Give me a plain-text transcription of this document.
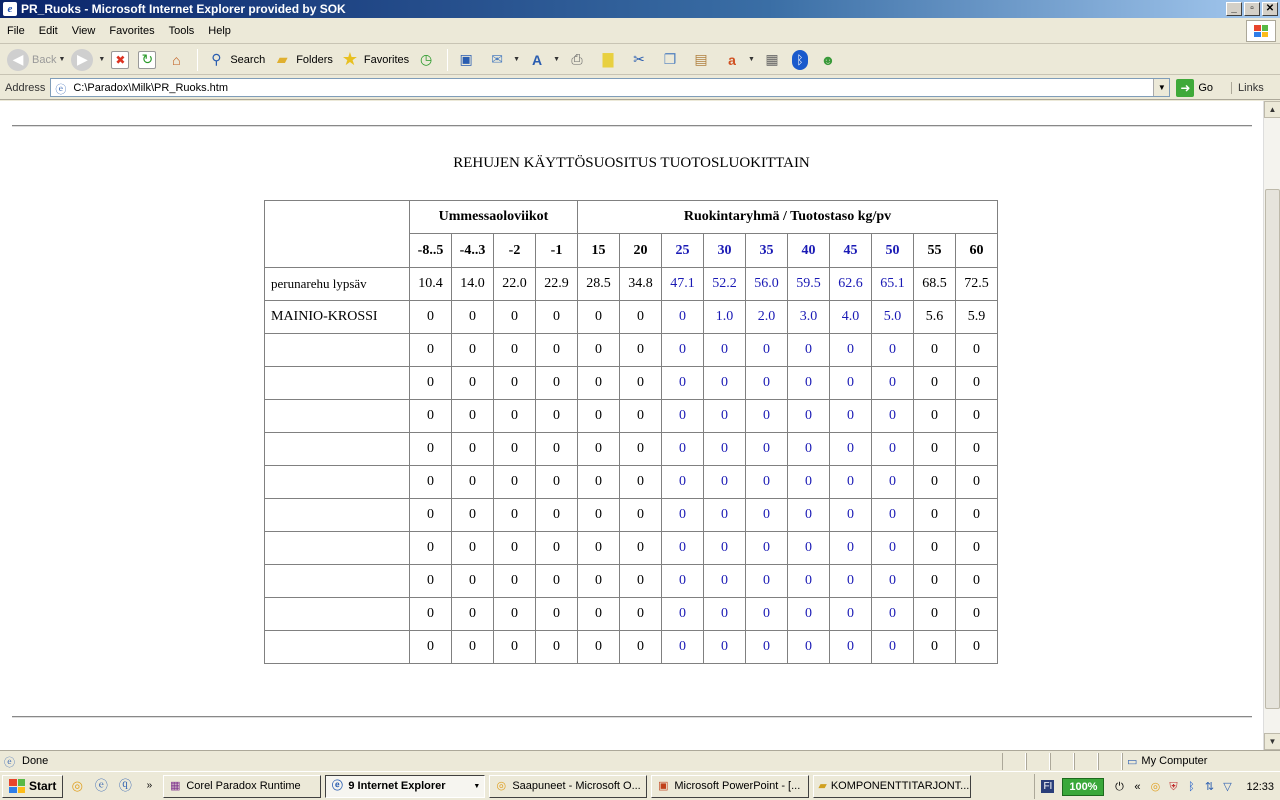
e PR_Ruoks - Microsoft Internet Explorer provided by SOK	_	▫	✕
File	Edit	View	Favorites	Tools	Help
◀ Back ▼ ▶	▼ ✖ ↻	⌂	⚲ Search ▰ Folders ★ Favorites ◷	▣	✉	▼ A	▼ ⎙	▇	✂	❐	▤	a	▼ ▦	ᛒ	☻
Address ⓔ C:\Paradox\Milk\PR_Ruoks.htm	▼	➜ Go	Links
REHUJEN KÄYTTÖSUOSITUS TUOTOSLUOKITTAIN
	Ummessaoloviikot				Ruokintaryhmä / Tuotostaso kg/pv									
	-8..5	-4..3	-2	-1	15	20	25	30	35	40	45	50	55	60
perunarehu lypsäv	10.4	14.0	22.0	22.9	28.5	34.8	47.1	52.2	56.0	59.5	62.6	65.1	68.5	72.5
MAINIO-KROSSI	0	0	0	0	0	0	0	1.0	2.0	3.0	4.0	5.0	5.6	5.9
	0	0	0	0	0	0	0	0	0	0	0	0	0	0
	0	0	0	0	0	0	0	0	0	0	0	0	0	0
	0	0	0	0	0	0	0	0	0	0	0	0	0	0
	0	0	0	0	0	0	0	0	0	0	0	0	0	0
	0	0	0	0	0	0	0	0	0	0	0	0	0	0
	0	0	0	0	0	0	0	0	0	0	0	0	0	0
	0	0	0	0	0	0	0	0	0	0	0	0	0	0
	0	0	0	0	0	0	0	0	0	0	0	0	0	0
	0	0	0	0	0	0	0	0	0	0	0	0	0	0
	0	0	0	0	0	0	0	0	0	0	0	0	0	0
▲
▼
ⓔ Done	▭ My Computer
Start	◎ ⓔ ⓠ	»	▦ Corel Paradox Runtime	ⓔ 9 Internet Explorer	▼ ◎ Saapuneet - Microsoft O... ▣ Microsoft PowerPoint - [... ▰ KOMPONENTTITARJONT...	FI	100%	⏻ « ◎ ⛨ ᛒ ⇅ ▽ 12:33
